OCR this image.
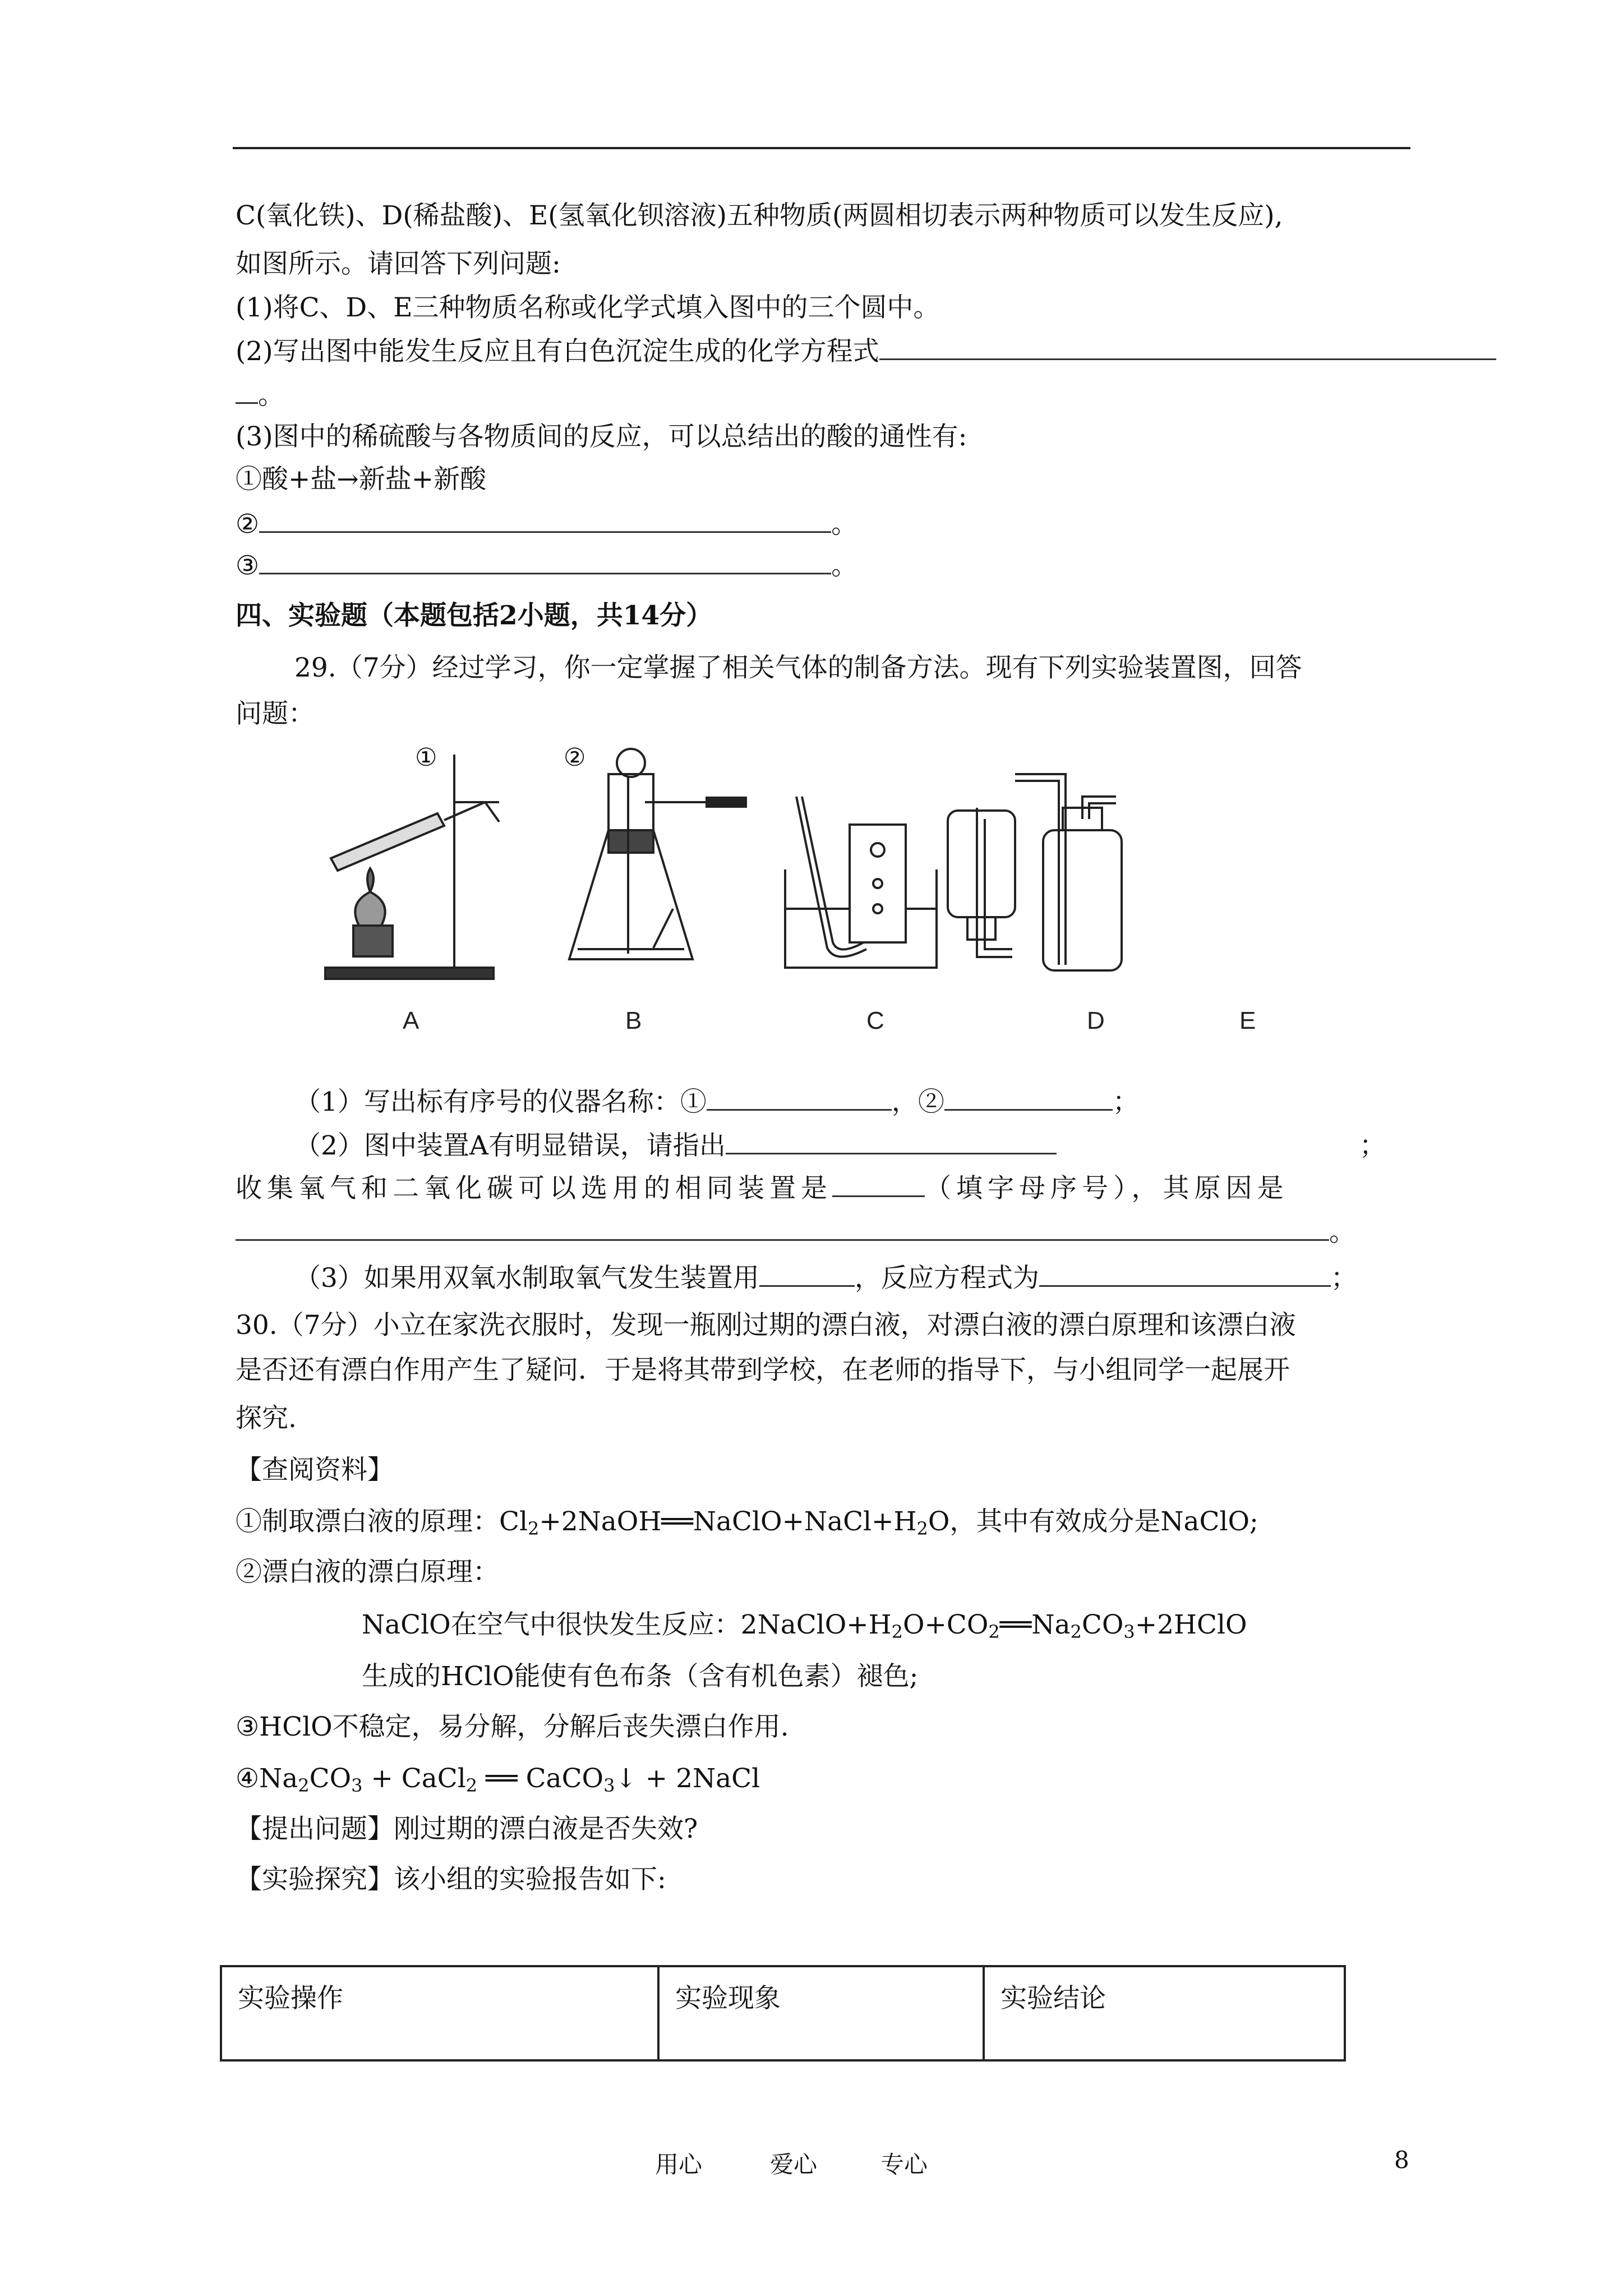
C(氧化铁)、D(稀盐酸)、E(氢氧化钡溶液)五种物质(两圆相切表示两种物质可以发生反应),
如图所示。请回答下列问题:
(1)将C、D、E三种物质名称或化学式填入图中的三个圆中。
(2)写出图中能发生反应且有白色沉淀生成的化学方程式
。
(3)图中的稀硫酸与各物质间的反应，可以总结出的酸的通性有:
①酸+盐→新盐+新酸
②	。
③	。
四、实验题（本题包括2小题，共14分）
29.（7分）经过学习，你一定掌握了相关气体的制备方法。现有下列实验装置图，回答
问题：
①	②
A	B	C	D	E
（1）写出标有序号的仪器名称：①	，②	；
（2）图中装置A有明显错误，请指出	；
收集氧气和二氧化碳可以选用的相同装置是	（填字母序号），其原因是
。
（3）如果用双氧水制取氧气发生装置用	，反应方程式为	；
30.（7分）小立在家洗衣服时，发现一瓶刚过期的漂白液，对漂白液的漂白原理和该漂白液
是否还有漂白作用产生了疑问．于是将其带到学校，在老师的指导下，与小组同学一起展开
探究.
【查阅资料】
①制取漂白液的原理：$Cl_2+2NaOH══NaClO+NaCl+H_2O$，其中有效成分是NaClO;
②漂白液的漂白原理：
NaClO在空气中很快发生反应：$2NaClO+H_2O+CO_2══Na_2CO_3+2HClO$
生成的HClO能使有色布条（含有机色素）褪色;
③HClO不稳定，易分解，分解后丧失漂白作用.
$④Na_2CO_3$ + CaCl$_2$ ══ CaCO$_3$↓ + 2NaCl
【提出问题】刚过期的漂白液是否失效?
【实验探究】该小组的实验报告如下:
实验操作	实验现象	实验结论
用心	爱心	专心	8
